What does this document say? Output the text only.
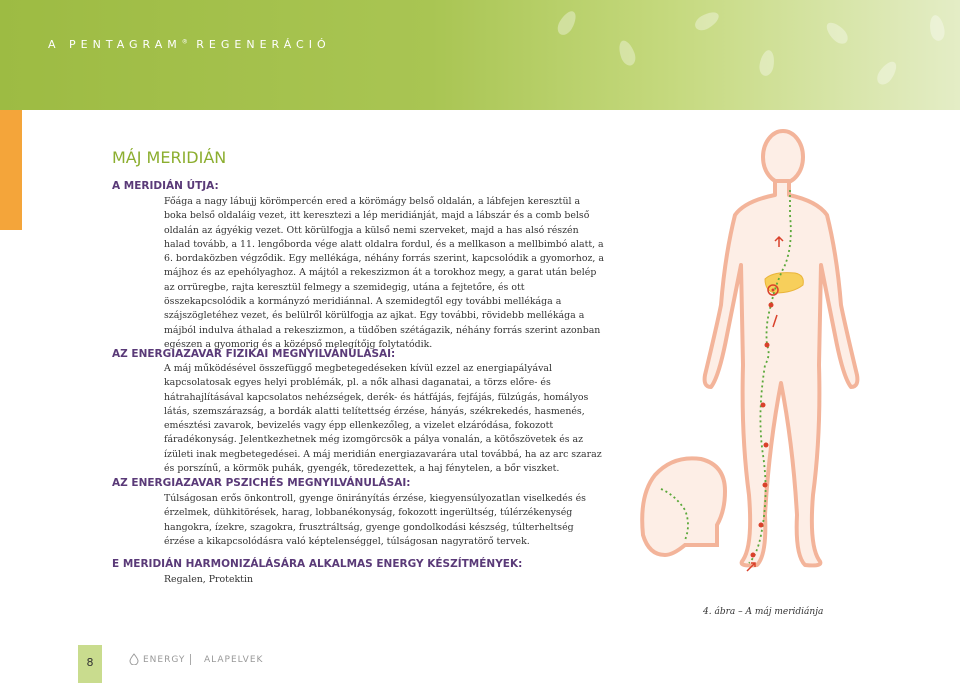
A PENTAGRAM® REGENERÁCIÓ
MÁJ MERIDIÁN
A MERIDIÁN ÚTJA:
Főága a nagy lábujj körömpercén ered a körömágy belső oldalán, a lábfejen keresztül a boka belső oldaláig vezet, itt keresztezi a lép meridiánját, majd a lábszár és a comb belső oldalán az ágyékig vezet. Ott körülfogja a külső nemi szerveket, majd a has alsó részén halad tovább, a 11. lengőborda vége alatt oldalra fordul, és a mellkason a mellbimbó alatt, a 6. bordaközben végződik. Egy mellékága, néhány forrás szerint, kapcsolódik a gyomorhoz, a májhoz és az epehólyaghoz. A májtól a rekeszizmon át a torokhoz megy, a garat után belép az orrüregbe, rajta keresztül felmegy a szemidegig, utána a fejtetőre, és ott összekapcsolódik a kormányzó meridiánnal. A szemidegtől egy további mellékága a szájszögletéhez vezet, és belülről körülfogja az ajkat. Egy további, rövidebb mellékága a májból indulva áthalad a rekeszizmon, a tüdőben szétágazik, néhány forrás szerint azonban egészen a gyomorig és a középső melegítőig folytatódik.
AZ ENERGIAZAVAR FIZIKAI MEGNYILVÁNULÁSAI:
A máj működésével összefüggő megbetegedéseken kívül ezzel az energiapályával kapcsolatosak egyes helyi problémák, pl. a nők alhasi daganatai, a törzs előre- és hátrahajlításával kapcsolatos nehézségek, derék- és hátfájás, fejfájás, fülzúgás, homályos látás, szemszárazság, a bordák alatti telítettség érzése, hányás, székrekedés, hasmenés, emésztési zavarok, bevizelés vagy épp ellenkezőleg, a vizelet elzáródása, fokozott fáradékonyság. Jelentkezhetnek még izomgörcsök a pálya vonalán, a kötőszövetek és az ízületi inak megbetegedései. A máj meridián energiazavarára utal továbbá, ha az arc szaraz és porszínű, a körmök puhák, gyengék, töredezettek, a haj fénytelen, a bőr viszket.
AZ ENERGIAZAVAR PSZICHÉS MEGNYILVÁNULÁSAI:
Túlságosan erős önkontroll, gyenge önirányítás érzése, kiegyensúlyozatlan viselkedés és érzelmek, dühkitörések, harag, lobbanékonyság, fokozott ingerültség, túlérzékenység hangokra, ízekre, szagokra, frusztráltság, gyenge gondolkodási készség, túlterheltség érzése a kikapcsolódásra való képtelenséggel, túlságosan nagyratörő tervek.
E MERIDIÁN HARMONIZÁLÁSÁRA ALKALMAS ENERGY KÉSZÍTMÉNYEK:
Regalen, Protektin
4. ábra – A máj meridiánja
8	ENERGY ALAPELVEK
